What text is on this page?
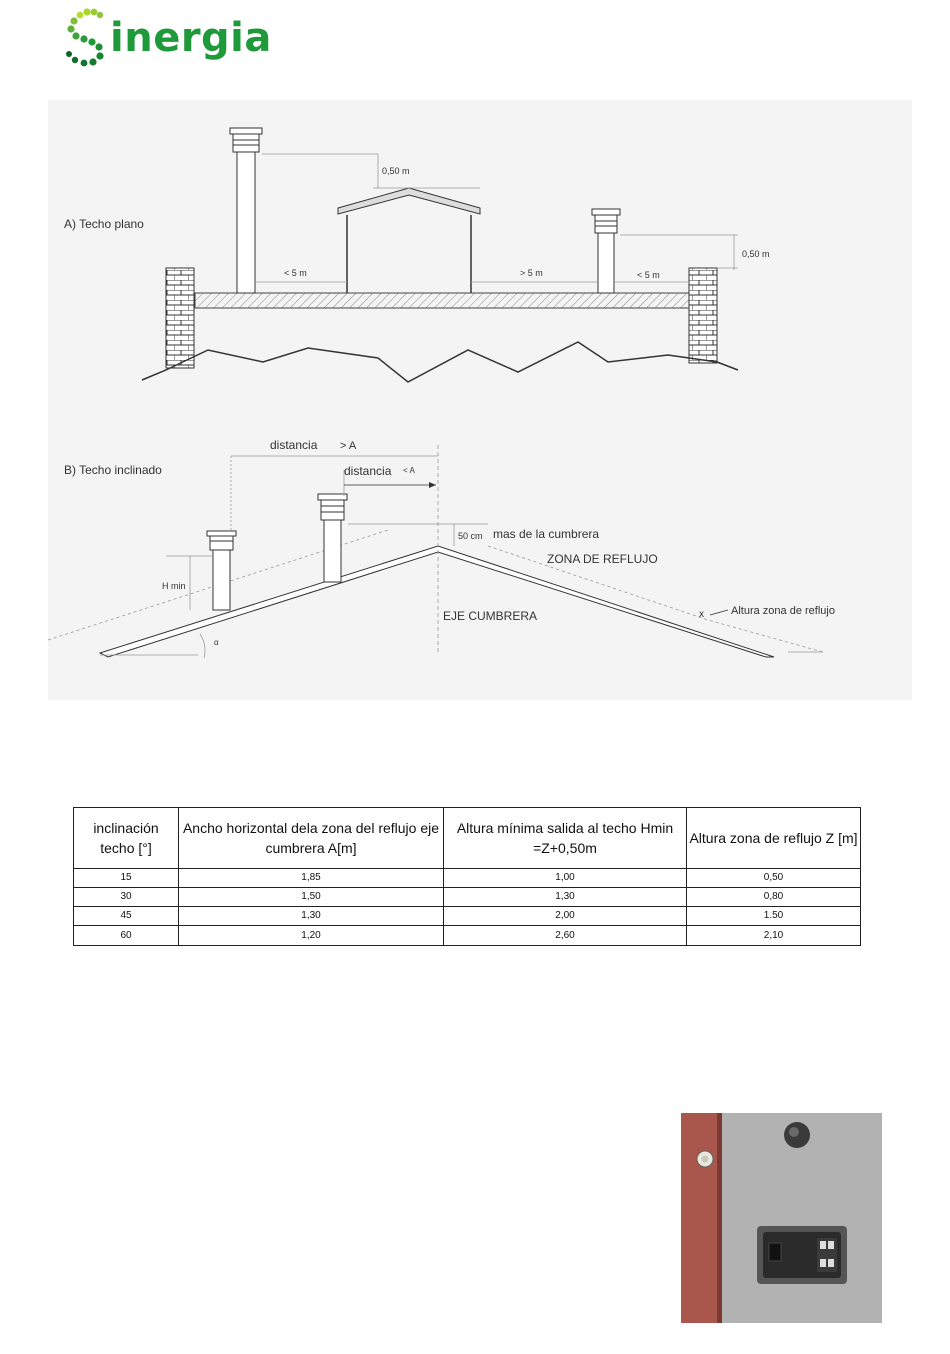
inergia
A) Techo plano
0,50 m
0,50 m
< 5 m	> 5 m	< 5 m
B) Techo inclinado
EJE CUMBRERA
distancia > A
distancia < A
50 cm mas de la cumbrera
ZONA DE REFLUJO
x Altura zona de reflujo
H min
α
inclinación techo [°]	Ancho horizontal dela zona del reflujo eje cumbrera A[m]	Altura mínima salida al techo Hmin =Z+0,50m	Altura zona de reflujo Z [m]
15	1,85	1,00	0,50
30	1,50	1,30	0,80
45	1,30	2,00	1.50
60	1,20	2,60	2,10
